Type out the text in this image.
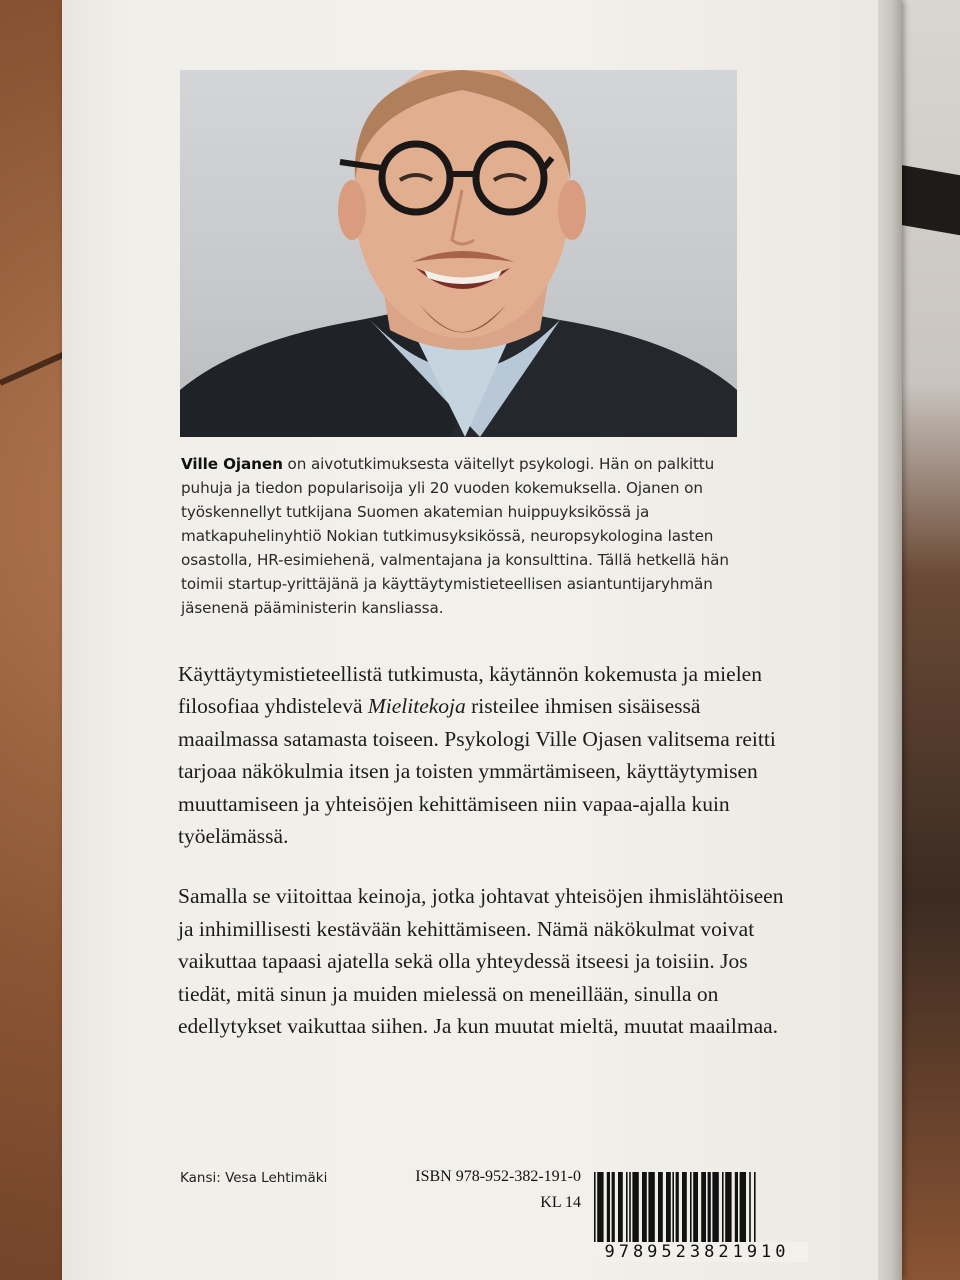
Ville Ojanen on aivotutkimuksesta väitellyt psykologi. Hän on palkittu puhuja ja tiedon popularisoija yli 20 vuoden kokemuksella. Ojanen on työskennellyt tutkijana Suomen akatemian huippuyksikössä ja matkapuhelinyhtiö Nokian tutkimusyksikössä, neuropsykologina lasten osastolla, HR-esimiehenä, valmentajana ja konsulttina. Tällä hetkellä hän toimii startup-yrittäjänä ja käyttäytymistieteellisen asiantuntijaryhmän jäsenenä pääministerin kansliassa.

Käyttäytymistieteellistä tutkimusta, käytännön kokemusta ja mielen filosofiaa yhdistelevä Mielitekoja risteilee ihmisen sisäisessä maailmassa satamasta toiseen. Psykologi Ville Ojasen valitsema reitti tarjoaa näkökulmia itsen ja toisten ymmärtämiseen, käyttäytymisen muuttamiseen ja yhteisöjen kehittämiseen niin vapaa-ajalla kuin työelämässä.

Samalla se viitoittaa keinoja, jotka johtavat yhteisöjen ihmislähtöiseen ja inhimillisesti kestävään kehittämiseen. Nämä näkökulmat voivat vaikuttaa tapaasi ajatella sekä olla yhteydessä itseesi ja toisiin. Jos tiedät, mitä sinun ja muiden mielessä on meneillään, sinulla on edellytykset vaikuttaa siihen. Ja kun muutat mieltä, muutat maailmaa.

Kansi: Vesa Lehtimäki	ISBN 978-952-382-191-0
KL 14
9789523821910
